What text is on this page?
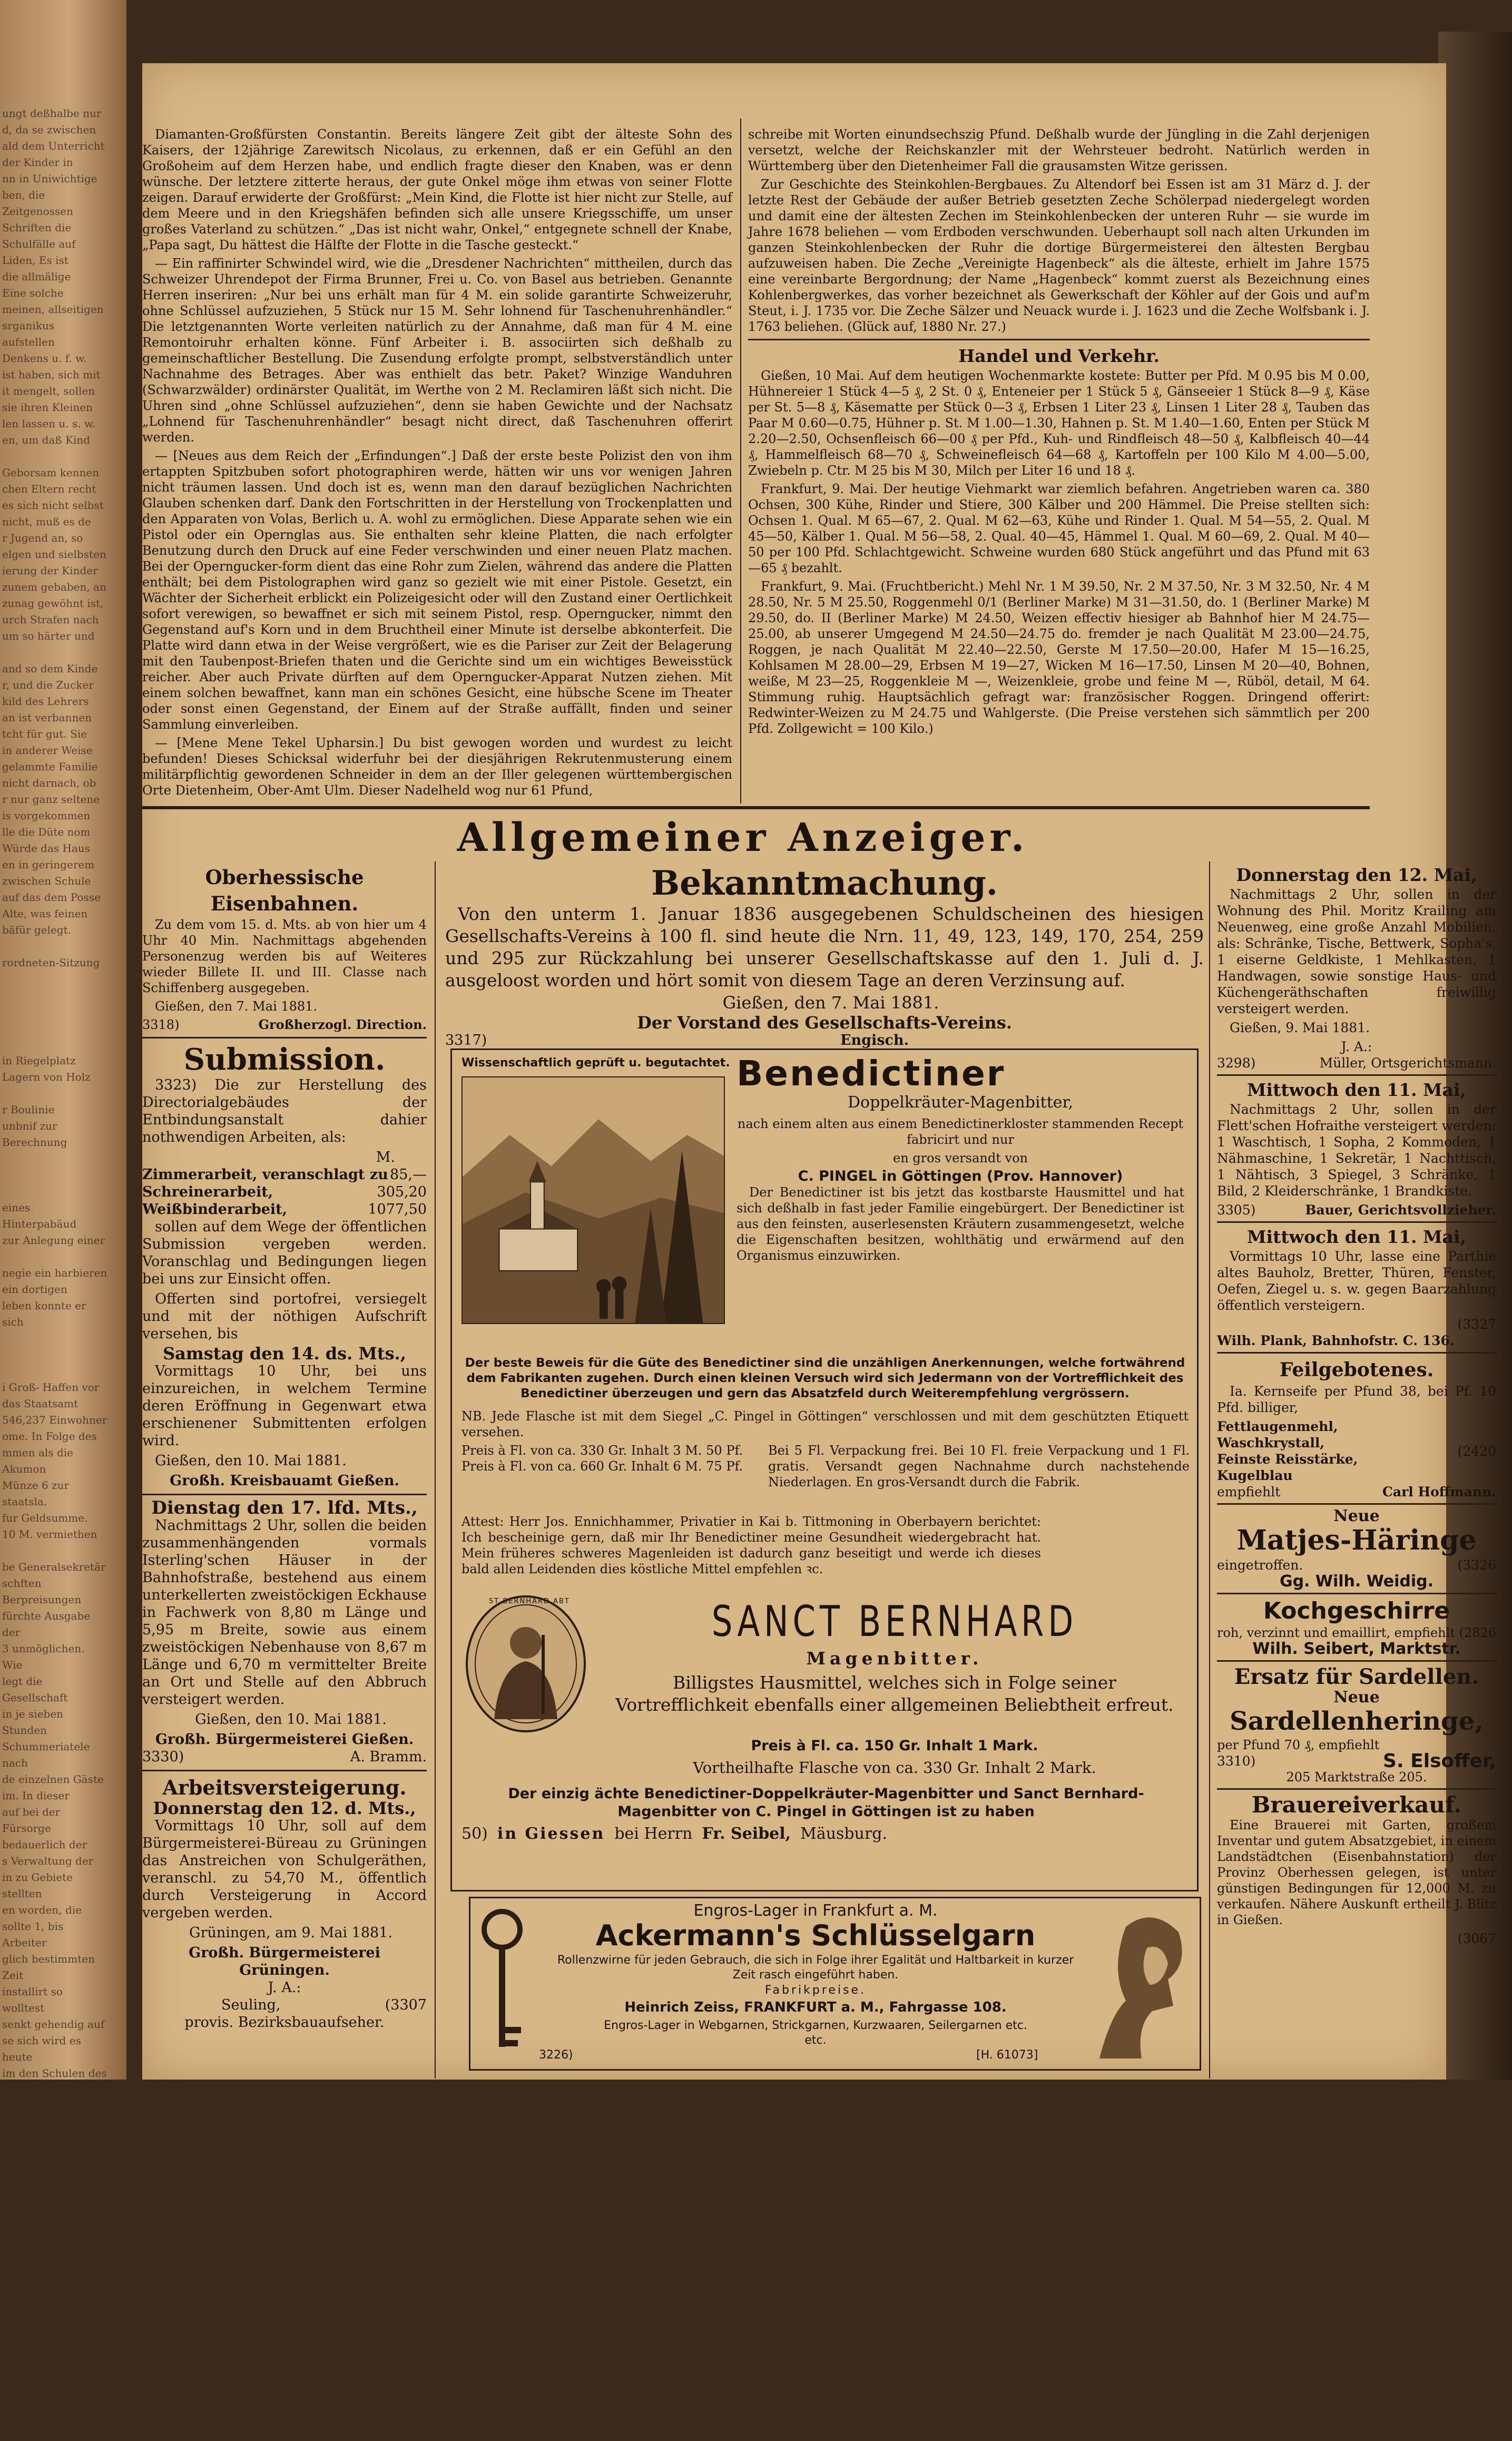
ungt deßhalbe nur
d, da se zwischen
ald dem Unterricht
der Kinder in
nn in Uniwichtige
ben, die Zeitgenossen
Schriften die Schulfälle auf
Liden, Es ist
die allmälige
Eine solche
meinen, allseitigen
srganikus aufstellen
Denkens u. f. w.
ist haben, sich mit
it mengelt, sollen
sie ihren Kleinen
len lassen u. s. w.
en, um daß Kind

Geborsam kennen
chen Eltern recht
es sich nicht selbst
nicht, muß es de
r Jugend an, so
elgen und sielbsten
ierung der Kinder
zunem gebaben, an
zunag gewöhnt ist,
urch Strafen nach
um so härter und

and so dem Kinde
r, und die Zucker
kild des Lehrers
an ist verbannen
tcht für gut. Sie
in anderer Weise
gelammte Familie
nicht darnach, ob
r nur ganz seltene
is vorgekommen
lle die Düte nom
Würde das Haus
en in geringerem
zwischen Schule
auf das dem Posse
Alte, was feinen
bäfür gelegt.

rordneten-Sitzung

in Riegelplatz
Lagern von Holz

r Boulinie
unbnif zur Berechnung

eines Hinterpabäud
zur Anlegung einer

negie ein harbieren
ein dortigen
leben konnte er sich

i Groß- Haffen vor
das Staatsamt
546,237 Einwohner
ome. In Folge des
mmen als die Akumon
Münze 6 zur staatsla.
fur Geldsumme.
10 M. vermiethen

be Generalsekretär
schften Berpreisungen
fürchte Ausgabe der
3 unmöglichen. Wie
legt die Gesellschaft
in je sieben Stunden
Schummeriatele nach
de einzelnen Gäste
im. In dieser
auf bei der Fürsorge
bedauerlich der
s Verwaltung der
in zu Gebiete stellten
en worden, die
sollte 1, bis Arbeiter
glich bestimmten Zeit
installirt so wolltest
senkt gehendig auf
se sich wird es heute
im den Schulen des
norabeiter des Kinder
zu Gerichtsstelle ge.
Wie die hiesige Stelle
jener Versuchsräume
fremder Geschichten
Die weitere Anstalt
stumtigen Kosten
beinung als Beitrittsstelle
im Schiffsort
Heimath der Leute
lebenden Zeit in
s. 200-300 Pf. Dort
g keinem Lande
en den Ausgang von
sieme Aufsicht

Diamanten-Großfürsten Constantin. Bereits längere Zeit gibt der älteste Sohn des Kaisers, der 12jährige Zarewitsch Nicolaus, zu erkennen, daß er ein Gefühl an den Großoheim auf dem Herzen habe, und endlich fragte dieser den Knaben, was er denn wünsche. Der letztere zitterte heraus, der gute Onkel möge ihm etwas von seiner Flotte zeigen. Darauf erwiderte der Großfürst: „Mein Kind, die Flotte ist hier nicht zur Stelle, auf dem Meere und in den Kriegshäfen befinden sich alle unsere Kriegsschiffe, um unser großes Vaterland zu schützen.“ „Das ist nicht wahr, Onkel,“ entgegnete schnell der Knabe, „Papa sagt, Du hättest die Hälfte der Flotte in die Tasche gesteckt.“

— Ein raffinirter Schwindel wird, wie die „Dresdener Nachrichten“ mittheilen, durch das Schweizer Uhrendepot der Firma Brunner, Frei u. Co. von Basel aus betrieben. Genannte Herren inseriren: „Nur bei uns erhält man für 4 M. ein solide garantirte Schweizeruhr, ohne Schlüssel aufzuziehen, 5 Stück nur 15 M. Sehr lohnend für Taschenuhrenhändler.“ Die letztgenannten Worte verleiten natürlich zu der Annahme, daß man für 4 M. eine Remontoiruhr erhalten könne. Fünf Arbeiter i. B. associirten sich deßhalb zu gemeinschaftlicher Bestellung. Die Zusendung erfolgte prompt, selbstverständlich unter Nachnahme des Betrages. Aber was enthielt das betr. Paket? Winzige Wanduhren (Schwarzwälder) ordinärster Qualität, im Werthe von 2 M. Reclamiren läßt sich nicht. Die Uhren sind „ohne Schlüssel aufzuziehen“, denn sie haben Gewichte und der Nachsatz „Lohnend für Taschenuhrenhändler“ besagt nicht direct, daß Taschenuhren offerirt werden.

— [Neues aus dem Reich der „Erfindungen“.] Daß der erste beste Polizist den von ihm ertappten Spitzbuben sofort photographiren werde, hätten wir uns vor wenigen Jahren nicht träumen lassen. Und doch ist es, wenn man den darauf bezüglichen Nachrichten Glauben schenken darf. Dank den Fortschritten in der Herstellung von Trockenplatten und den Apparaten von Volas, Berlich u. A. wohl zu ermöglichen. Diese Apparate sehen wie ein Pistol oder ein Opernglas aus. Sie enthalten sehr kleine Platten, die nach erfolgter Benutzung durch den Druck auf eine Feder verschwinden und einer neuen Platz machen. Bei der Operngucker-form dient das eine Rohr zum Zielen, während das andere die Platten enthält; bei dem Pistolographen wird ganz so gezielt wie mit einer Pistole. Gesetzt, ein Wächter der Sicherheit erblickt ein Polizeigesicht oder will den Zustand einer Oertlichkeit sofort verewigen, so bewaffnet er sich mit seinem Pistol, resp. Operngucker, nimmt den Gegenstand auf's Korn und in dem Bruchtheil einer Minute ist derselbe abkonterfeit. Die Platte wird dann etwa in der Weise vergrößert, wie es die Pariser zur Zeit der Belagerung mit den Taubenpost-Briefen thaten und die Gerichte sind um ein wichtiges Beweisstück reicher. Aber auch Private dürften auf dem Operngucker-Apparat Nutzen ziehen. Mit einem solchen bewaffnet, kann man ein schönes Gesicht, eine hübsche Scene im Theater oder sonst einen Gegenstand, der Einem auf der Straße auffällt, finden und seiner Sammlung einverleiben.

— [Mene Mene Tekel Upharsin.] Du bist gewogen worden und wurdest zu leicht befunden! Dieses Schicksal widerfuhr bei der diesjährigen Rekrutenmusterung einem militärpflichtig gewordenen Schneider in dem an der Iller gelegenen württembergischen Orte Dietenheim, Ober-Amt Ulm. Dieser Nadelheld wog nur 61 Pfund,

schreibe mit Worten einundsechszig Pfund. Deßhalb wurde der Jüngling in die Zahl derjenigen versetzt, welche der Reichskanzler mit der Wehrsteuer bedroht. Natürlich werden in Württemberg über den Dietenheimer Fall die grausamsten Witze gerissen.

Zur Geschichte des Steinkohlen-Bergbaues. Zu Altendorf bei Essen ist am 31 März d. J. der letzte Rest der Gebäude der außer Betrieb gesetzten Zeche Schölerpad niedergelegt worden und damit eine der ältesten Zechen im Steinkohlenbecken der unteren Ruhr — sie wurde im Jahre 1678 beliehen — vom Erdboden verschwunden. Ueberhaupt soll nach alten Urkunden im ganzen Steinkohlenbecken der Ruhr die dortige Bürgermeisterei den ältesten Bergbau aufzuweisen haben. Die Zeche „Vereinigte Hagenbeck“ als die älteste, erhielt im Jahre 1575 eine vereinbarte Bergordnung; der Name „Hagenbeck“ kommt zuerst als Bezeichnung eines Kohlenbergwerkes, das vorher bezeichnet als Gewerkschaft der Köhler auf der Gois und auf'm Steut, i. J. 1735 vor. Die Zeche Sälzer und Neuack wurde i. J. 1623 und die Zeche Wolfsbank i. J. 1763 beliehen. (Glück auf, 1880 Nr. 27.)

Handel und Verkehr.

Gießen, 10 Mai. Auf dem heutigen Wochenmarkte kostete: Butter per Pfd. M 0.95 bis M 0.00, Hühnereier 1 Stück 4—5 ₰, 2 St. 0 ₰, Enteneier per 1 Stück 5 ₰, Gänseeier 1 Stück 8—9 ₰, Käse per St. 5—8 ₰, Käsematte per Stück 0—3 ₰, Erbsen 1 Liter 23 ₰, Linsen 1 Liter 28 ₰, Tauben das Paar M 0.60—0.75, Hühner p. St. M 1.00—1.30, Hahnen p. St. M 1.40—1.60, Enten per Stück M 2.20—2.50, Ochsenfleisch 66—00 ₰ per Pfd., Kuh- und Rindfleisch 48—50 ₰, Kalbfleisch 40—44 ₰, Hammelfleisch 68—70 ₰, Schweinefleisch 64—68 ₰, Kartoffeln per 100 Kilo M 4.00—5.00, Zwiebeln p. Ctr. M 25 bis M 30, Milch per Liter 16 und 18 ₰.

Frankfurt, 9. Mai. Der heutige Viehmarkt war ziemlich befahren. Angetrieben waren ca. 380 Ochsen, 300 Kühe, Rinder und Stiere, 300 Kälber und 200 Hämmel. Die Preise stellten sich: Ochsen 1. Qual. M 65—67, 2. Qual. M 62—63, Kühe und Rinder 1. Qual. M 54—55, 2. Qual. M 45—50, Kälber 1. Qual. M 56—58, 2. Qual. 40—45, Hämmel 1. Qual. M 60—69, 2. Qual. M 40—50 per 100 Pfd. Schlachtgewicht. Schweine wurden 680 Stück angeführt und das Pfund mit 63—65 ₰ bezahlt.

Frankfurt, 9. Mai. (Fruchtbericht.) Mehl Nr. 1 M 39.50, Nr. 2 M 37.50, Nr. 3 M 32.50, Nr. 4 M 28.50, Nr. 5 M 25.50, Roggenmehl 0/1 (Berliner Marke) M 31—31.50, do. 1 (Berliner Marke) M 29.50, do. II (Berliner Marke) M 24.50, Weizen effectiv hiesiger ab Bahnhof hier M 24.75—25.00, ab unserer Umgegend M 24.50—24.75 do. fremder je nach Qualität M 23.00—24.75, Roggen, je nach Qualität M 22.40—22.50, Gerste M 17.50—20.00, Hafer M 15—16.25, Kohlsamen M 28.00—29, Erbsen M 19—27, Wicken M 16—17.50, Linsen M 20—40, Bohnen, weiße, M 23—25, Roggenkleie M —, Weizenkleie, grobe und feine M —, Rüböl, detail, M 64. Stimmung ruhig. Hauptsächlich gefragt war: französischer Roggen. Dringend offerirt: Redwinter-Weizen zu M 24.75 und Wahlgerste. (Die Preise verstehen sich sämmtlich per 200 Pfd. Zollgewicht = 100 Kilo.)

Allgemeiner Anzeiger.
Oberhessische Eisenbahnen.

Zu dem vom 15. d. Mts. ab von hier um 4 Uhr 40 Min. Nachmittags abgehenden Personenzug werden bis auf Weiteres wieder Billete II. und III. Classe nach Schiffenberg ausgegeben.

Gießen, den 7. Mai 1881.

3318)	Großherzogl. Direction.
Submission.

3323) Die zur Herstellung des Directorialgebäudes der Entbindungsanstalt dahier nothwendigen Arbeiten, als:

M.
Zimmerarbeit, veranschlagt zu 85,—
Schreinerarbeit,	305,20
Weißbinderarbeit,	1077,50

sollen auf dem Wege der öffentlichen Submission vergeben werden. Voranschlag und Bedingungen liegen bei uns zur Einsicht offen.

Offerten sind portofrei, versiegelt und mit der nöthigen Aufschrift versehen, bis

Samstag den 14. ds. Mts.,

Vormittags 10 Uhr, bei uns einzureichen, in welchem Termine deren Eröffnung in Gegenwart etwa erschienener Submittenten erfolgen wird.

Gießen, den 10. Mai 1881.

Großh. Kreisbauamt Gießen.
Dienstag den 17. lfd. Mts.,

Nachmittags 2 Uhr, sollen die beiden zusammenhängenden vormals Isterling'schen Häuser in der Bahnhofstraße, bestehend aus einem unterkellerten zweistöckigen Eckhause in Fachwerk von 8,80 m Länge und 5,95 m Breite, sowie aus einem zweistöckigen Nebenhause von 8,67 m Länge und 6,70 m vermittelter Breite an Ort und Stelle auf den Abbruch versteigert werden.

Gießen, den 10. Mai 1881.

Großh. Bürgermeisterei Gießen.
3330)	A. Bramm.
Arbeitsversteigerung.
Donnerstag den 12. d. Mts.,

Vormittags 10 Uhr, soll auf dem Bürgermeisterei-Büreau zu Grüningen das Anstreichen von Schulgeräthen, veranschl. zu 54,70 M., öffentlich durch Versteigerung in Accord vergeben werden.

Grüningen, am 9. Mai 1881.

Großh. Bürgermeisterei Grüningen.
J. A.:
Seuling,	(3307
provis. Bezirksbauaufseher.
Bekanntmachung.

Von den unterm 1. Januar 1836 ausgegebenen Schuldscheinen des hiesigen Gesellschafts-Vereins à 100 fl. sind heute die Nrn. 11, 49, 123, 149, 170, 254, 259 und 295 zur Rückzahlung bei unserer Gesellschaftskasse auf den 1. Juli d. J. ausgeloost worden und hört somit von diesem Tage an deren Verzinsung auf.

Gießen, den 7. Mai 1881.

Der Vorstand des Gesellschafts-Vereins.
3317)	Engisch.
Wissenschaftlich geprüft u. begutachtet. Benedictiner
Doppelkräuter-Magenbitter,

nach einem alten aus einem Benedictinerkloster stammenden Recept fabricirt und nur

en gros versandt von

C. PINGEL in Göttingen (Prov. Hannover)

Der Benedictiner ist bis jetzt das kostbarste Hausmittel und hat sich deßhalb in fast jeder Familie eingebürgert. Der Benedictiner ist aus den feinsten, auserlesensten Kräutern zusammengesetzt, welche die Eigenschaften besitzen, wohlthätig und erwärmend auf den Organismus einzuwirken.

Der beste Beweis für die Güte des Benedictiner sind die unzähligen Anerkennungen, welche fortwährend dem Fabrikanten zugehen. Durch einen kleinen Versuch wird sich Jedermann von der Vortrefflichkeit des Benedictiner überzeugen und gern das Absatzfeld durch Weiterempfehlung vergrössern.
NB. Jede Flasche ist mit dem Siegel „C. Pingel in Göttingen“ verschlossen und mit dem geschützten Etiquett versehen.
Preis à Fl. von ca. 330 Gr. Inhalt 3 M. 50 Pf.
Preis à Fl. von ca. 660 Gr. Inhalt 6 M. 75 Pf.
Bei 5 Fl. Verpackung frei. Bei 10 Fl. freie Verpackung und 1 Fl. gratis. Versandt gegen Nachnahme durch nachstehende Niederlagen. En gros-Versandt durch die Fabrik.
Attest: Herr Jos. Ennichhammer, Privatier in Kai b. Tittmoning in Oberbayern berichtet: Ich bescheinige gern, daß mir Ihr Benedictiner meine Gesundheit wiedergebracht hat. Mein früheres schweres Magenleiden ist dadurch ganz beseitigt und werde ich dieses bald allen Leidenden dies köstliche Mittel empfehlen ꝛc.
ST BERNHARD ABT	SANCT BERNHARD
Magenbitter.
Billigstes Hausmittel, welches sich in Folge seiner Vortrefflichkeit ebenfalls einer allgemeinen Beliebtheit erfreut.
Preis à Fl. ca. 150 Gr. Inhalt 1 Mark.
Vortheilhafte Flasche von ca. 330 Gr. Inhalt 2 Mark.
Der einzig ächte Benedictiner-Doppelkräuter-Magenbitter und Sanct Bernhard-Magenbitter von C. Pingel in Göttingen ist zu haben
50) in Giessen bei Herrn Fr. Seibel, Mäusburg.
Engros-Lager in Frankfurt a. M.
Ackermann's Schlüsselgarn
Rollenzwirne für jeden Gebrauch, die sich in Folge ihrer Egalität und Haltbarkeit in kurzer Zeit rasch eingeführt haben.
Fabrikpreise.
Heinrich Zeiss, FRANKFURT a. M., Fahrgasse 108.
Engros-Lager in Webgarnen, Strickgarnen, Kurzwaaren, Seilergarnen etc. etc.
3226)	[H. 61073]
Donnerstag den 12. Mai,

Nachmittags 2 Uhr, sollen in der Wohnung des Phil. Moritz Krailing am Neuenweg, eine große Anzahl Mobilien, als: Schränke, Tische, Bettwerk, Sopha's, 1 eiserne Geldkiste, 1 Mehlkasten, 1 Handwagen, sowie sonstige Haus- und Küchengeräthschaften freiwillig versteigert werden.

Gießen, 9. Mai 1881.

J. A.:
3298)	Müller, Ortsgerichtsmann.
Mittwoch den 11. Mai,

Nachmittags 2 Uhr, sollen in der Flett'schen Hofraithe versteigert werden: 1 Waschtisch, 1 Sopha, 2 Kommoden, 1 Nähmaschine, 1 Sekretär, 1 Nachttisch, 1 Nähtisch, 3 Spiegel, 3 Schränke, 1 Bild, 2 Kleiderschränke, 1 Brandkiste.

3305)	Bauer, Gerichtsvollzieher.
Mittwoch den 11. Mai,

Vormittags 10 Uhr, lasse eine Parthie altes Bauholz, Bretter, Thüren, Fenster, Oefen, Ziegel u. s. w. gegen Baarzahlung öffentlich versteigern.

(3327
Wilh. Plank, Bahnhofstr. C. 136.
Feilgebotenes.

Ia. Kernseife per Pfund 38, bei Pf. 10 Pfd. billiger,

Fettlaugenmehl,
Waschkrystall,
Feinste Reisstärke,
Kugelblau
(2420
empfiehlt	Carl Hoffmann.
Neue
Matjes-Häringe
eingetroffen.	(3326
Gg. Wilh. Weidig.
Kochgeschirre
roh, verzinnt und emaillirt, empfiehlt (2826
Wilh. Seibert, Marktstr.
Ersatz für Sardellen.
Neue
Sardellenheringe,
per Pfund 70 ₰, empfiehlt
3310)	S. Elsoffer,
205 Marktstraße 205.
Brauereiverkauf.

Eine Brauerei mit Garten, großem Inventar und gutem Absatzgebiet, in einem Landstädtchen (Eisenbahnstation) der Provinz Oberhessen gelegen, ist unter günstigen Bedingungen für 12,000 M. zu verkaufen. Nähere Auskunft ertheilt J. Blitz in Gießen.

(3067
